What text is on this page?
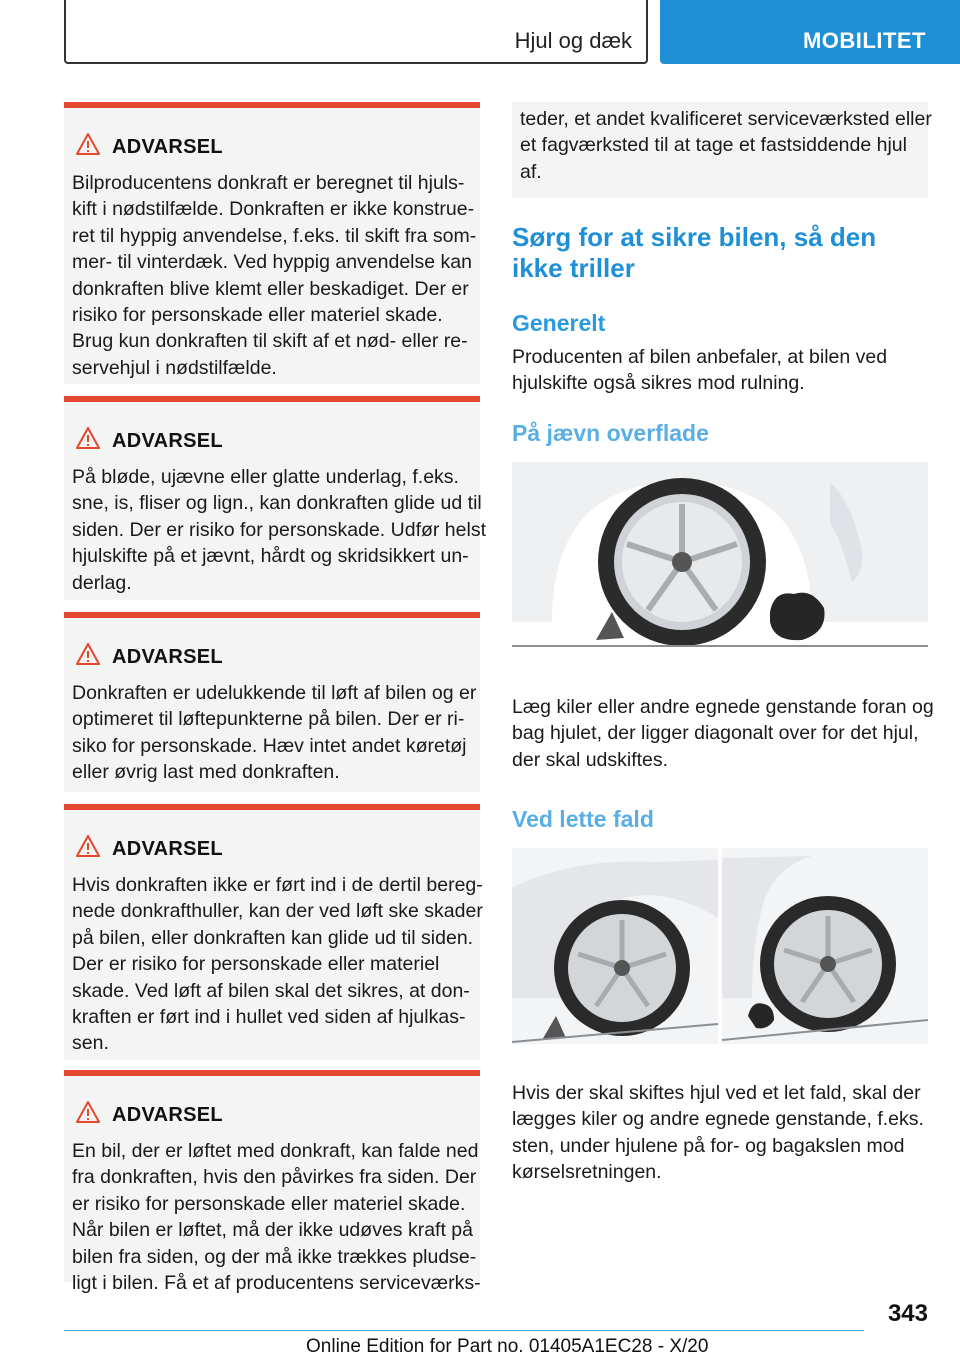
Hjul og dæk	MOBILITET
ADVARSEL
Bilproducentens donkraft er beregnet til hjuls-
kift i nødstilfælde. Donkraften er ikke konstrue-
ret til hyppig anvendelse, f.eks. til skift fra som-
mer- til vinterdæk. Ved hyppig anvendelse kan
donkraften blive klemt eller beskadiget. Der er
risiko for personskade eller materiel skade.
Brug kun donkraften til skift af et nød- eller re-
servehjul i nødstilfælde.
ADVARSEL
På bløde, ujævne eller glatte underlag, f.eks.
sne, is, fliser og lign., kan donkraften glide ud til
siden. Der er risiko for personskade. Udfør helst
hjulskifte på et jævnt, hårdt og skridsikkert un-
derlag.
ADVARSEL
Donkraften er udelukkende til løft af bilen og er
optimeret til løftepunkterne på bilen. Der er ri-
siko for personskade. Hæv intet andet køretøj
eller øvrig last med donkraften.
ADVARSEL
Hvis donkraften ikke er ført ind i de dertil bereg-
nede donkrafthuller, kan der ved løft ske skader
på bilen, eller donkraften kan glide ud til siden.
Der er risiko for personskade eller materiel
skade. Ved løft af bilen skal det sikres, at don-
kraften er ført ind i hullet ved siden af hjulkas-
sen.
ADVARSEL
En bil, der er løftet med donkraft, kan falde ned
fra donkraften, hvis den påvirkes fra siden. Der
er risiko for personskade eller materiel skade.
Når bilen er løftet, må der ikke udøves kraft på
bilen fra siden, og der må ikke trækkes pludse-
ligt i bilen. Få et af producentens serviceværks-
teder, et andet kvalificeret serviceværksted eller
et fagværksted til at tage et fastsiddende hjul
af.
Sørg for at sikre bilen, så den
ikke triller
Generelt
Producenten af bilen anbefaler, at bilen ved
hjulskifte også sikres mod rulning.
På jævn overflade
Læg kiler eller andre egnede genstande foran og
bag hjulet, der ligger diagonalt over for det hjul,
der skal udskiftes.
Ved lette fald
Hvis der skal skiftes hjul ved et let fald, skal der
lægges kiler og andre egnede genstande, f.eks.
sten, under hjulene på for- og bagakslen mod
kørselsretningen.
343
Online Edition for Part no. 01405A1EC28 - X/20
